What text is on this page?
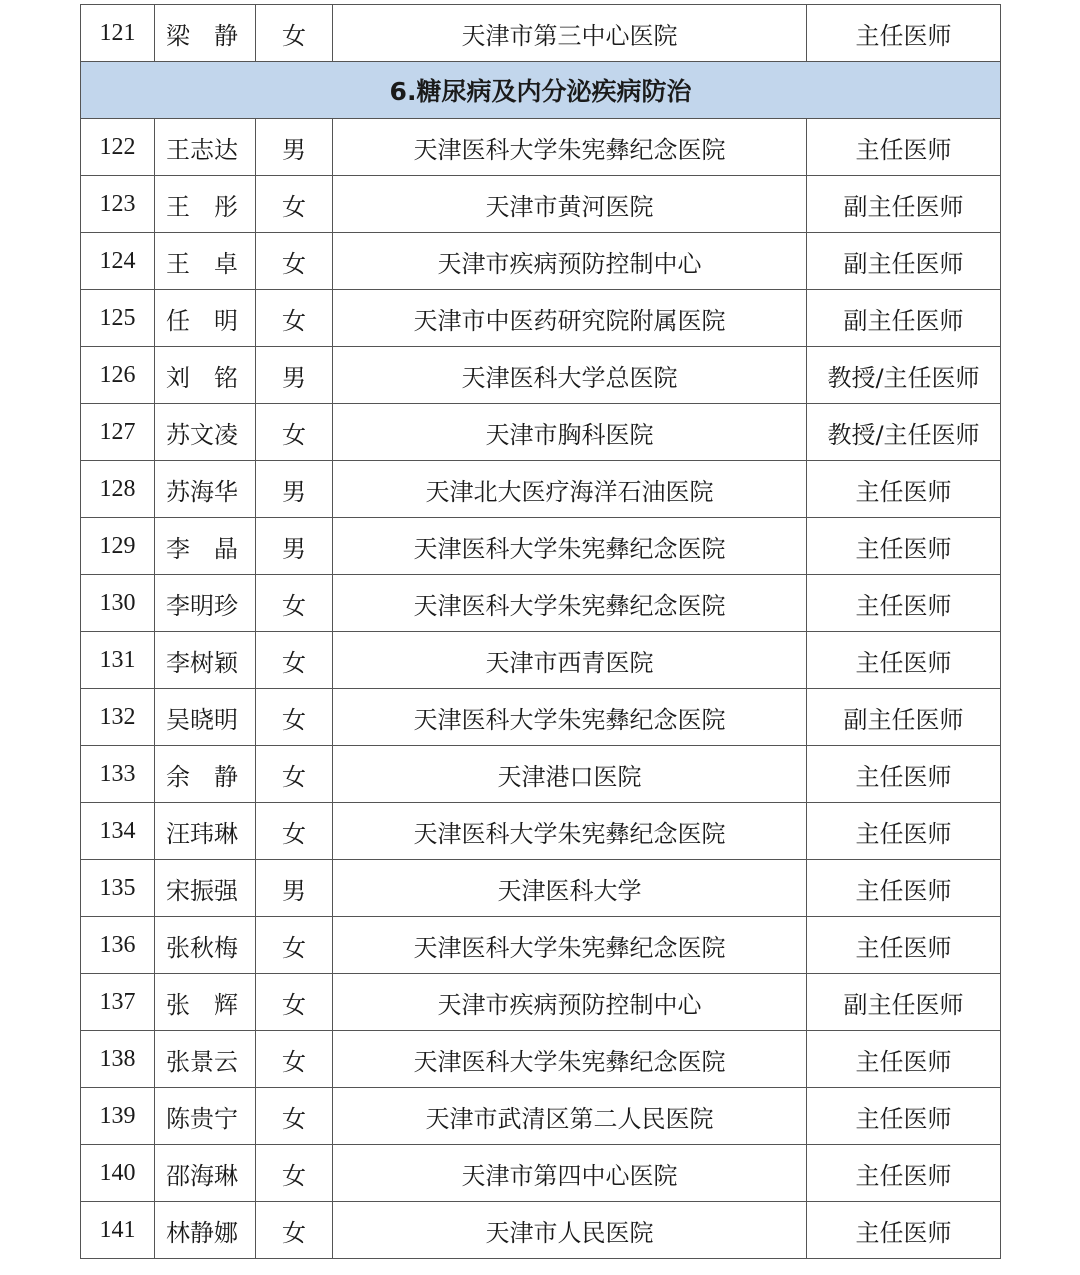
121	梁　静	女	天津市第三中心医院	主任医师
6.糖尿病及内分泌疾病防治				
122	王志达	男	天津医科大学朱宪彝纪念医院	主任医师
123	王　彤	女	天津市黄河医院	副主任医师
124	王　卓	女	天津市疾病预防控制中心	副主任医师
125	任　明	女	天津市中医药研究院附属医院	副主任医师
126	刘　铭	男	天津医科大学总医院	教授/主任医师
127	苏文凌	女	天津市胸科医院	教授/主任医师
128	苏海华	男	天津北大医疗海洋石油医院	主任医师
129	李　晶	男	天津医科大学朱宪彝纪念医院	主任医师
130	李明珍	女	天津医科大学朱宪彝纪念医院	主任医师
131	李树颖	女	天津市西青医院	主任医师
132	吴晓明	女	天津医科大学朱宪彝纪念医院	副主任医师
133	余　静	女	天津港口医院	主任医师
134	汪玮琳	女	天津医科大学朱宪彝纪念医院	主任医师
135	宋振强	男	天津医科大学	主任医师
136	张秋梅	女	天津医科大学朱宪彝纪念医院	主任医师
137	张　辉	女	天津市疾病预防控制中心	副主任医师
138	张景云	女	天津医科大学朱宪彝纪念医院	主任医师
139	陈贵宁	女	天津市武清区第二人民医院	主任医师
140	邵海琳	女	天津市第四中心医院	主任医师
141	林静娜	女	天津市人民医院	主任医师
